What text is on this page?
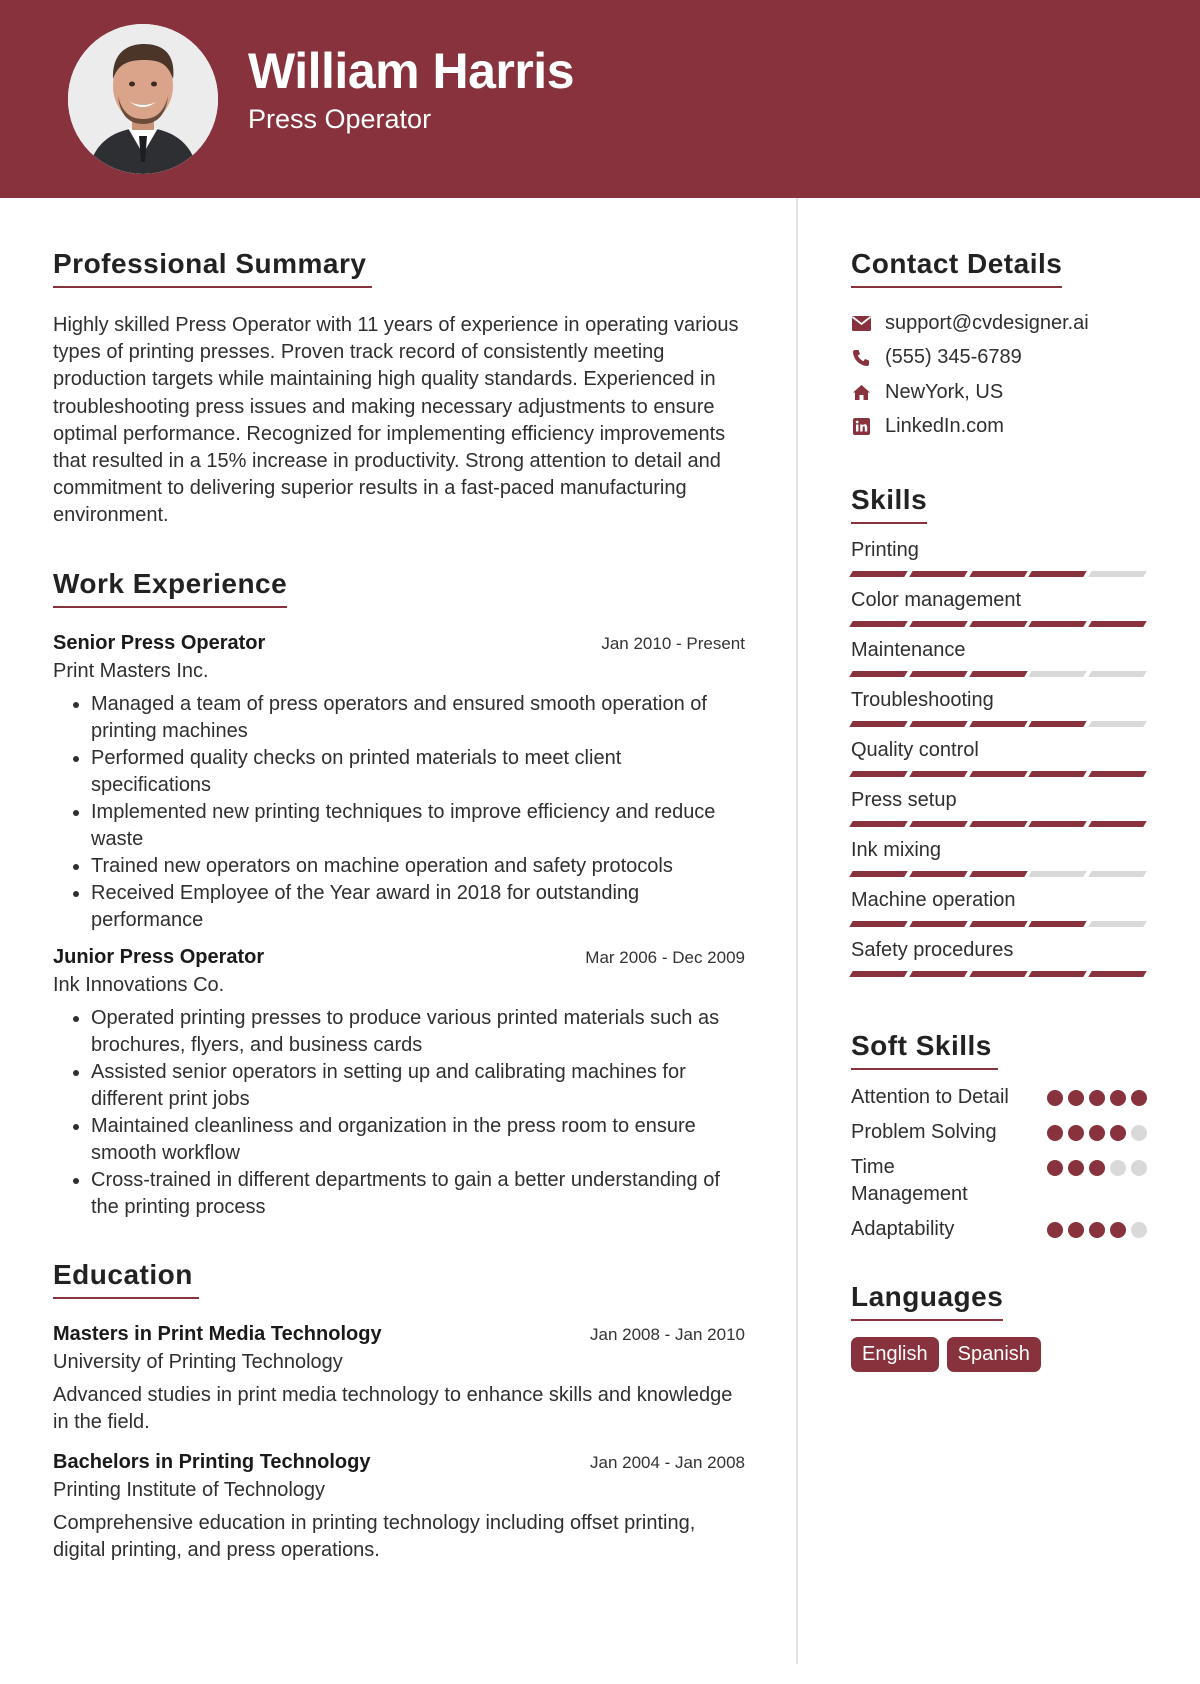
William Harris
Press Operator
Professional Summary

Highly skilled Press Operator with 11 years of experience in operating various types of printing presses. Proven track record of consistently meeting production targets while maintaining high quality standards. Experienced in troubleshooting press issues and making necessary adjustments to ensure optimal performance. Recognized for implementing efficiency improvements that resulted in a 15% increase in productivity. Strong attention to detail and commitment to delivering superior results in a fast-paced manufacturing environment.

Work Experience
Senior Press Operator	Jan 2010 - Present
Print Masters Inc.
• Managed a team of press operators and ensured smooth operation of printing machines
• Performed quality checks on printed materials to meet client specifications
• Implemented new printing techniques to improve efficiency and reduce waste
• Trained new operators on machine operation and safety protocols
• Received Employee of the Year award in 2018 for outstanding performance
Junior Press Operator	Mar 2006 - Dec 2009
Ink Innovations Co.
• Operated printing presses to produce various printed materials such as brochures, flyers, and business cards
• Assisted senior operators in setting up and calibrating machines for different print jobs
• Maintained cleanliness and organization in the press room to ensure smooth workflow
• Cross-trained in different departments to gain a better understanding of the printing process
Education
Masters in Print Media Technology	Jan 2008 - Jan 2010
University of Printing Technology

Advanced studies in print media technology to enhance skills and knowledge in the field.

Bachelors in Printing Technology	Jan 2004 - Jan 2008
Printing Institute of Technology

Comprehensive education in printing technology including offset printing, digital printing, and press operations.

Contact Details
support@cvdesigner.ai
(555) 345-6789
NewYork, US
LinkedIn.com
Skills
Printing
Color management
Maintenance
Troubleshooting
Quality control
Press setup
Ink mixing
Machine operation
Safety procedures
Soft Skills
Attention to Detail
Problem Solving
Time Management
Adaptability
Languages
English	Spanish
